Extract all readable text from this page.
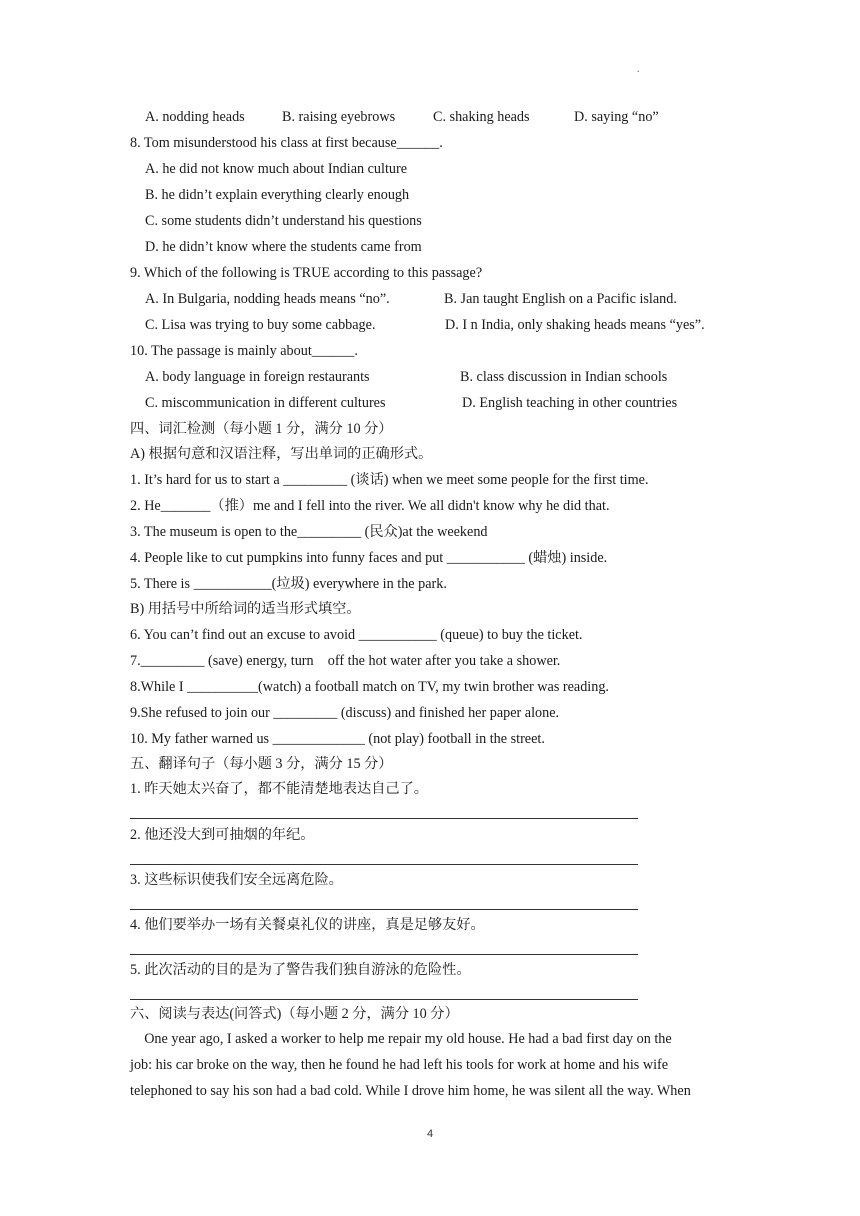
.
A. nodding heads	B. raising eyebrows	C. shaking heads	D. saying “no”
8. Tom misunderstood his class at first because______.
A. he did not know much about Indian culture
B. he didn’t explain everything clearly enough
C. some students didn’t understand his questions
D. he didn’t know where the students came from
9. Which of the following is TRUE according to this passage?
A. In Bulgaria, nodding heads means “no”.	B. Jan taught English on a Pacific island.
C. Lisa was trying to buy some cabbage.	D. I n India, only shaking heads means “yes”.
10. The passage is mainly about______.
A. body language in foreign restaurants	B. class discussion in Indian schools
C. miscommunication in different cultures	D. English teaching in other countries
四、词汇检测（每小题 1 分，满分 10 分）
A) 根据句意和汉语注释，写出单词的正确形式。
1. It’s hard for us to start a _________ (谈话) when we meet some people for the first time.
2. He_______（推）me and I fell into the river. We all didn't know why he did that.
3. The museum is open to the_________ (民众)at the weekend
4. People like to cut pumpkins into funny faces and put ___________ (蜡烛) inside.
5. There is ___________(垃圾) everywhere in the park.
B) 用括号中所给词的适当形式填空。
6. You can’t find out an excuse to avoid ___________ (queue) to buy the ticket.
7._________ (save) energy, turn    off the hot water after you take a shower.
8.While I __________(watch) a football match on TV, my twin brother was reading.
9.She refused to join our _________ (discuss) and finished her paper alone.
10. My father warned us _____________ (not play) football in the street.
五、翻译句子（每小题 3 分，满分 15 分）
1. 昨天她太兴奋了，都不能清楚地表达自己了。
2. 他还没大到可抽烟的年纪。
3. 这些标识使我们安全远离危险。
4. 他们要举办一场有关餐桌礼仪的讲座，真是足够友好。
5. 此次活动的目的是为了警告我们独自游泳的危险性。
六、阅读与表达(问答式)（每小题 2 分，满分 10 分）
One year ago, I asked a worker to help me repair my old house. He had a bad first day on the
job: his car broke on the way, then he found he had left his tools for work at home and his wife
telephoned to say his son had a bad cold. While I drove him home, he was silent all the way. When
4
